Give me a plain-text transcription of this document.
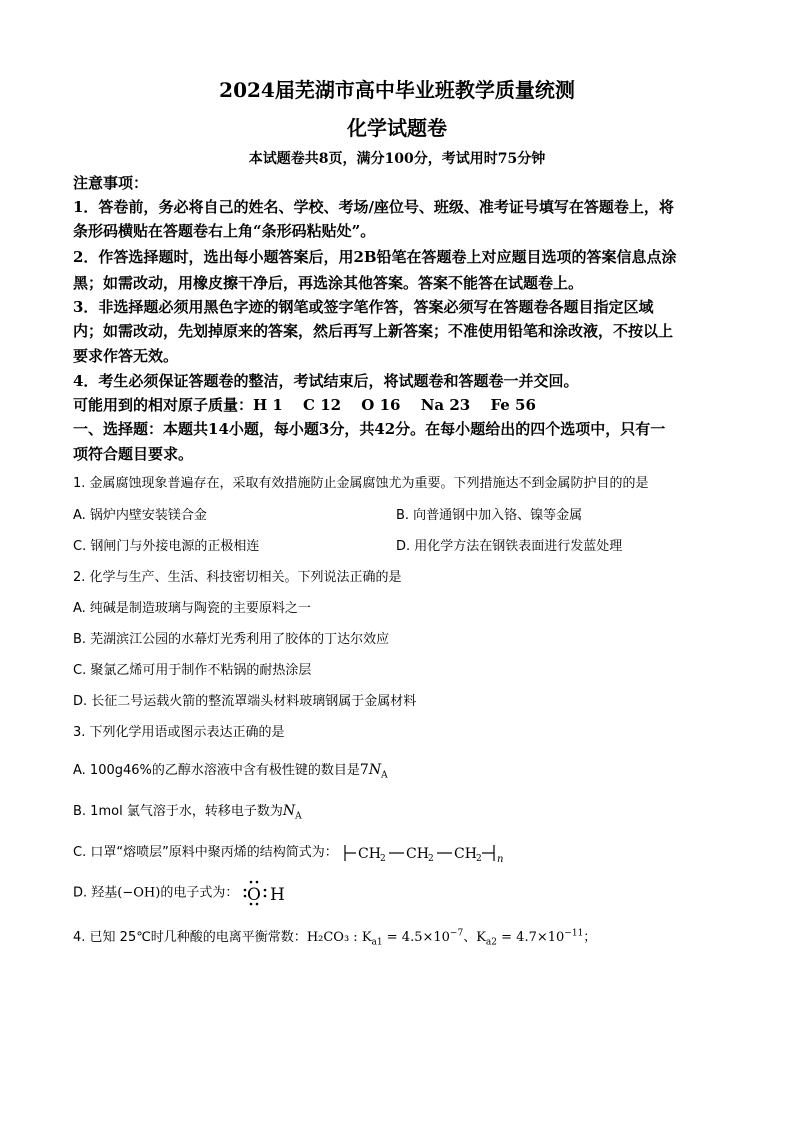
2024届芜湖市高中毕业班教学质量统测
化学试题卷
本试题卷共8页，满分100分，考试用时75分钟
注意事项：
1．答卷前，务必将自己的姓名、学校、考场/座位号、班级、准考证号填写在答题卷上，将
条形码横贴在答题卷右上角“条形码粘贴处”。
2．作答选择题时，选出每小题答案后，用2B铅笔在答题卷上对应题目选项的答案信息点涂
黑；如需改动，用橡皮擦干净后，再选涂其他答案。答案不能答在试题卷上。
3．非选择题必须用黑色字迹的钢笔或签字笔作答，答案必须写在答题卷各题目指定区域
内；如需改动，先划掉原来的答案，然后再写上新答案；不准使用铅笔和涂改液，不按以上
要求作答无效。
4．考生必须保证答题卷的整洁，考试结束后，将试题卷和答题卷一并交回。
可能用到的相对原子质量：H 1　 C 12　 O 16　 Na 23　 Fe 56
一、选择题：本题共14小题，每小题3分，共42分。在每小题给出的四个选项中，只有一
项符合题目要求。
1. 金属腐蚀现象普遍存在，采取有效措施防止金属腐蚀尤为重要。下列措施达不到金属防护目的的是
A. 锅炉内壁安装镁合金	B. 向普通钢中加入铬、镍等金属
C. 钢闸门与外接电源的正极相连	D. 用化学方法在钢铁表面进行发蓝处理
2. 化学与生产、生活、科技密切相关。下列说法正确的是
A. 纯碱是制造玻璃与陶瓷的主要原料之一
B. 芜湖滨江公园的水幕灯光秀利用了胶体的丁达尔效应
C. 聚氯乙烯可用于制作不粘锅的耐热涂层
D. 长征二号运载火箭的整流罩端头材料玻璃钢属于金属材料
3. 下列化学用语或图示表达正确的是
A. 100g46%的乙醇水溶液中含有极性键的数目是$7N_A$
B. 1mol 氯气溶于水，转移电子数为$N_A$
C. 口罩“熔喷层”原料中聚丙烯的结构简式为： CH 2 CH 2 CH 2 n
D. 羟基(−OH)的电子式为： O H
4. 已知 25℃时几种酸的电离平衡常数：H₂CO₃ : $K_{a1} = 4.5\times 10^{-7}$、$K_{a2} = 4.7\times 10^{-11}$；
